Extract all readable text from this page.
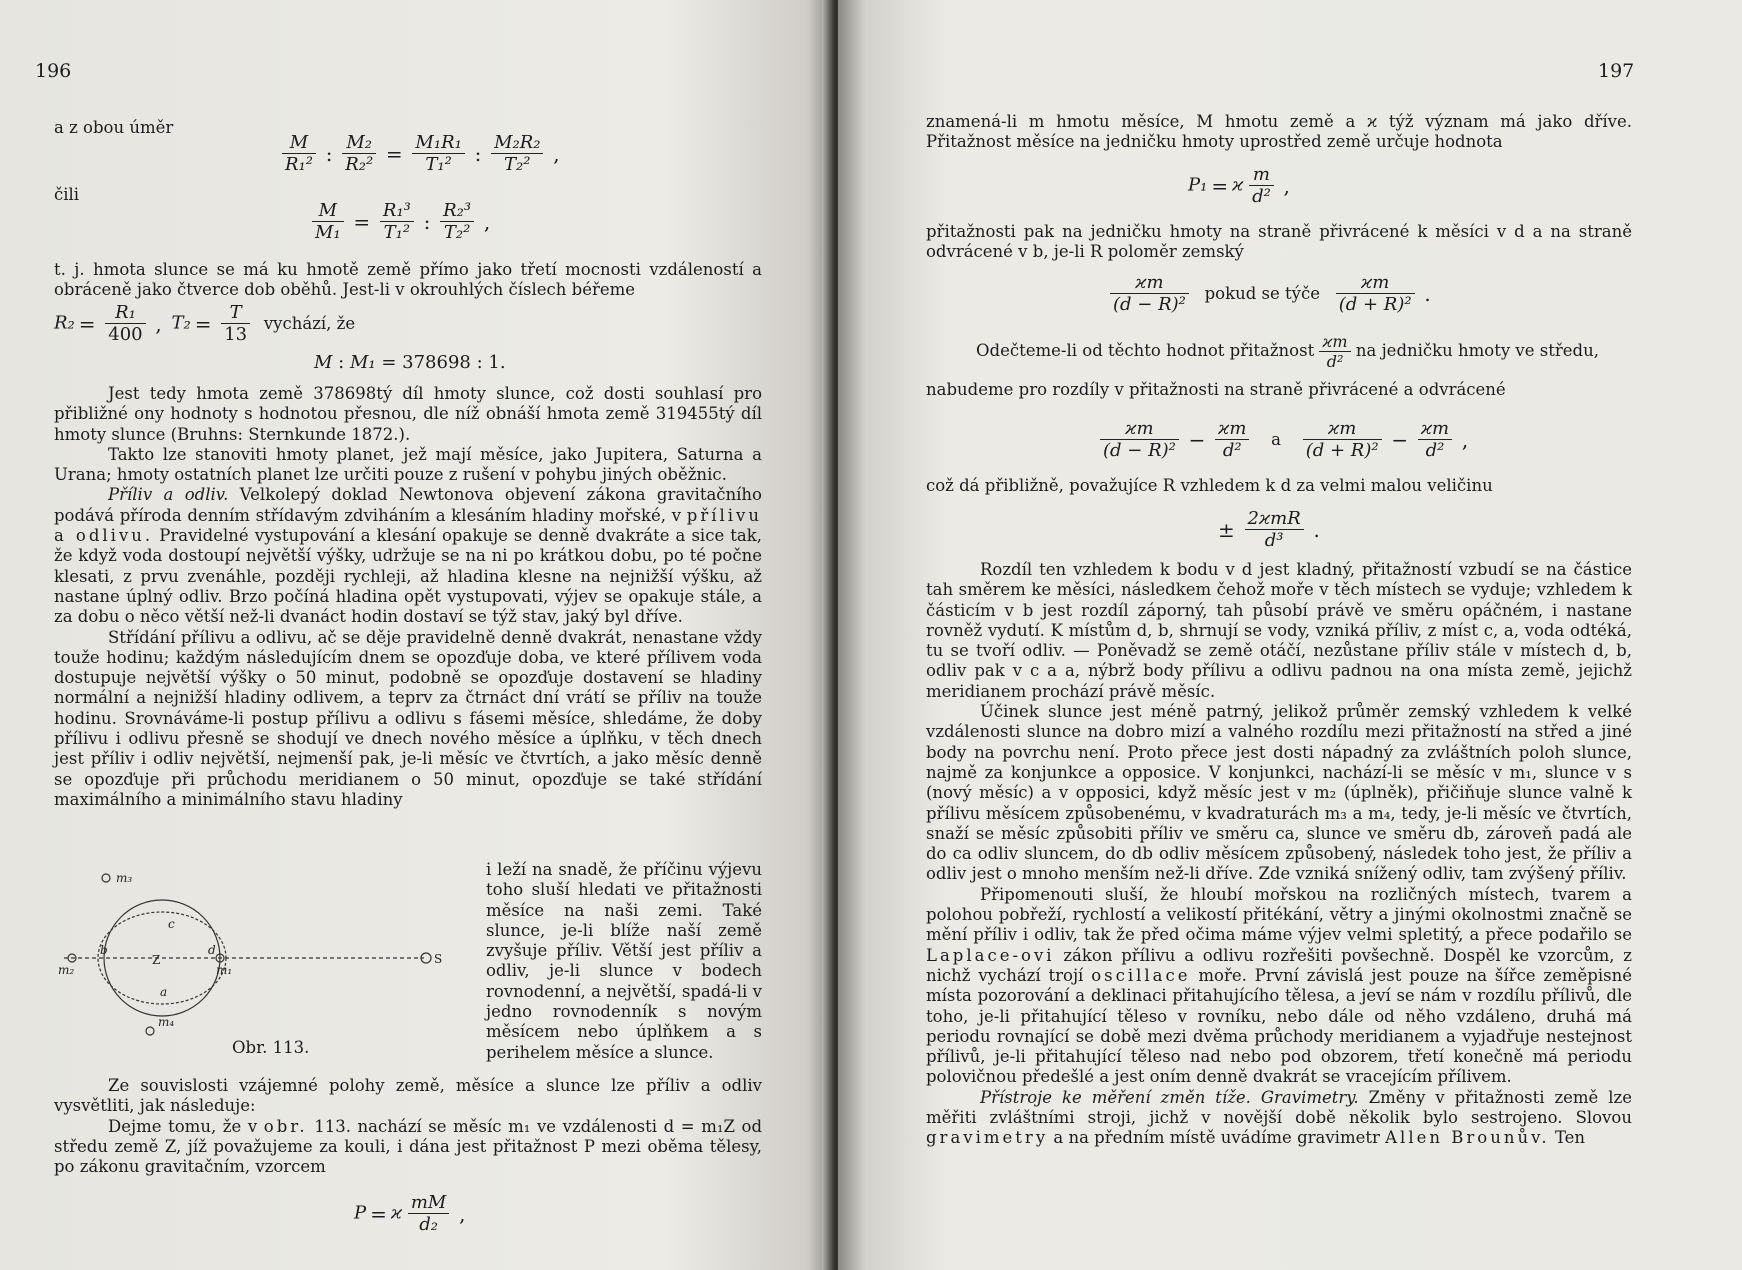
196
a z obou úměr
čili
$\frac{M}{\text{R₁²}}$ : $\frac{\text{M₂}}{\text{R₂²}} = \frac{\text{M₁R₁}}{\text{T₁²}}$ : $\frac{\text{M₂R₂}}{\text{T₂²}}$ ,
$\frac{M}{\text{M₁}} = \frac{\text{R₁³}}{\text{T₁²}}$ : $\frac{\text{R₂³}}{\text{T₂²}}$ ,
t. j. hmota slunce se má ku hmotě země přímo jako třetí mocnosti vzdáleností a obráceně jako čtverce dob oběhů. Jest-li v okrouhlých číslech béřeme
$R_2 = \frac{\text{R₁}}{400}$ , $T_2 = \frac{T}{13}$ vychází, že
M : M₁ = 378698 : 1.

Jest tedy hmota země 378698tý díl hmoty slunce, což dosti souhlasí pro přibližné ony hodnoty s hodnotou přesnou, dle níž obnáší hmota země 319455tý díl hmoty slunce (Bruhns: Sternkunde 1872.).

Takto lze stanoviti hmoty planet, jež mají měsíce, jako Jupitera, Saturna a Urana; hmoty ostatních planet lze určiti pouze z rušení v pohybu jiných oběžnic.

Příliv a odliv. Velkolepý doklad Newtonova objevení zákona gravitačního podává příroda denním střídavým zdviháním a klesáním hladiny mořské, v přílivu a odlivu. Pravidelné vystupování a klesání opakuje se denně dvakráte a sice tak, že když voda dostoupí největší výšky, udržuje se na ni po krátkou dobu, po té počne klesati, z prvu zvenáhle, později rychleji, až hladina klesne na nejnižší výšku, až nastane úplný odliv. Brzo počíná hladina opět vystupovati, výjev se opakuje stále, a za dobu o něco větší než-li dvanáct hodin dostaví se týž stav, jaký byl dříve.

Střídání přílivu a odlivu, ač se děje pravidelně denně dvakrát, nenastane vždy touže hodinu; každým následujícím dnem se opozďuje doba, ve které přílivem voda dostupuje největší výšky o 50 minut, podobně se opozďuje dostavení se hladiny normální a nejnižší hladiny odlivem, a teprv za čtrnáct dní vrátí se příliv na touže hodinu. Srovnáváme-li postup přílivu a odlivu s fásemi měsíce, shledáme, že doby přílivu i odlivu přesně se shodují ve dnech nového měsíce a úplňku, v těch dnech jest příliv i odliv největší, nejmenší pak, je-li měsíc ve čtvrtích, a jako měsíc denně se opozďuje při průchodu meridianem o 50 minut, opozďuje se také střídání maximálního a minimálního stavu hladiny

i leží na snadě, že příčinu výjevu toho sluší hledati ve přitažnosti měsíce na naši zemi. Také slunce, je-li blíže naší země zvyšuje příliv. Větší jest příliv a odliv, je-li slunce v bodech rovnodenní, a největší, spadá-li v jedno rovnodenník s novým měsícem nebo úplňkem a s perihelem měsíce a slunce.
m₃
m₂	m₁
S
m₄
c
b
Z
d
a
Obr. 113.

Ze souvislosti vzájemné polohy země, měsíce a slunce lze příliv a odliv vysvětliti, jak následuje:

Dejme tomu, že v obr. 113. nachází se měsíc m₁ ve vzdálenosti d = m₁Z od středu země Z, jíž považujeme za kouli, i dána jest přitažnost P mezi oběma tělesy, po zákonu gravitačním, vzorcem

P = ϰ $\frac{mM}{\text{d₂}}$ ,
197
znamená-li m hmotu měsíce, M hmotu země a ϰ týž význam má jako dříve. Přitažnost měsíce na jedničku hmoty uprostřed země určuje hodnota
P₁ = ϰ $\frac{m}{\text{d²}}$ ,
přitažnosti pak na jedničku hmoty na straně přivrácené k měsíci v d a na straně odvrácené v b, je-li R poloměr zemský
$\frac{ϰm}{\text{(d − R)²}}$ pokud se týče $\frac{ϰm}{\text{(d + R)²}}$ .
Odečteme-li od těchto hodnot přitažnost $\frac{ϰm}{\text{d²}}$ na jedničku hmoty ve středu,
nabudeme pro rozdíly v přitažnosti na straně přivrácené a odvrácené
$\frac{ϰm}{\text{(d − R)²}} - \frac{ϰm}{\text{d²}}$ a $\frac{ϰm}{\text{(d + R)²}} - \frac{ϰm}{\text{d²}}$ ,
což dá přibližně, považujíce R vzhledem k d za velmi malou veličinu
± 2ϰmR
d³	.

Rozdíl ten vzhledem k bodu v d jest kladný, přitažností vzbudí se na částice tah směrem ke měsíci, následkem čehož moře v těch místech se vyduje; vzhledem k částicím v b jest rozdíl záporný, tah působí právě ve směru opáčném, i nastane rovněž vydutí. K místům d, b, shrnují se vody, vzniká příliv, z míst c, a, voda odtéká, tu se tvoří odliv. — Poněvadž se země otáčí, nezůstane příliv stále v místech d, b, odliv pak v c a a, nýbrž body přílivu a odlivu padnou na ona místa země, jejichž meridianem prochází právě měsíc.

Účinek slunce jest méně patrný, jelikož průměr zemský vzhledem k velké vzdálenosti slunce na dobro mizí a valného rozdílu mezi přitažností na střed a jiné body na povrchu není. Proto přece jest dosti nápadný za zvláštních poloh slunce, najmě za konjunkce a opposice. V konjunkci, nachází-li se měsíc v m₁, slunce v s (nový měsíc) a v opposici, když měsíc jest v m₂ (úplněk), přičiňuje slunce valně k přílivu měsícem způsobenému, v kvadraturách m₃ a m₄, tedy, je-li měsíc ve čtvrtích, snaží se měsíc způsobiti příliv ve směru ca, slunce ve směru db, zároveň padá ale do ca odliv sluncem, do db odliv měsícem způsobený, následek toho jest, že příliv a odliv jest o mnoho menším než-li dříve. Zde vzniká snížený odliv, tam zvýšený příliv.

Připomenouti sluší, že hloubí mořskou na rozličných místech, tvarem a polohou pobřeží, rychlostí a velikostí přitékání, větry a jinými okolnostmi značně se mění příliv i odliv, tak že před očima máme výjev velmi spletitý, a přece podařilo se Laplace-ovi zákon přílivu a odlivu rozřešiti povšechně. Dospěl ke vzorcům, z nichž vychází trojí oscillace moře. První závislá jest pouze na šířce zeměpisné místa pozorování a deklinaci přitahujícího tělesa, a jeví se nám v rozdílu přílivů, dle toho, je-li přitahující těleso v rovníku, nebo dále od něho vzdáleno, druhá má periodu rovnající se době mezi dvěma průchody meridianem a vyjadřuje nestejnost přílivů, je-li přitahující těleso nad nebo pod obzorem, třetí konečně má periodu polovičnou předešlé a jest oním denně dvakrát se vracejícím přílivem.

Přístroje ke měření změn tíže. Gravimetry. Změny v přitažnosti země lze měřiti zvláštními stroji, jichž v novější době několik bylo sestrojeno. Slovou gravimetry a na předním místě uvádíme gravimetr Allen Brounův. Ten
